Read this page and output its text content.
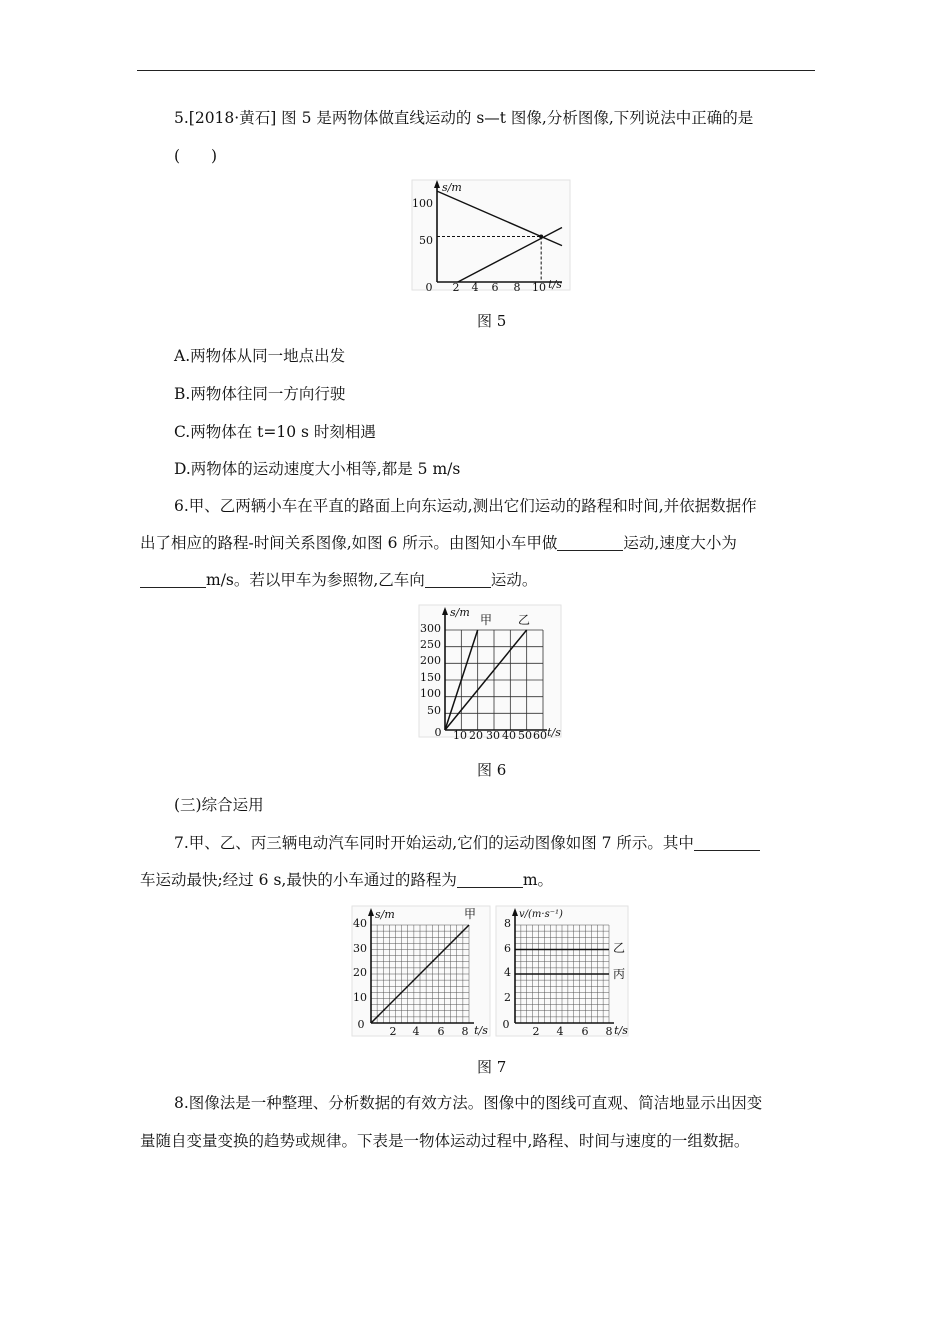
5.[2018·黄石] 图 5 是两物体做直线运动的 s—t 图像,分析图像,下列说法中正确的是
(　　)
s/m
t/s
0 2 4 6 8 10
50
100
图 5
A.两物体从同一地点出发
B.两物体往同一方向行驶
C.两物体在 t=10 s 时刻相遇
D.两物体的运动速度大小相等,都是 5 m/s
6.甲、乙两辆小车在平直的路面上向东运动,测出它们运动的路程和时间,并依据数据作
出了相应的路程-时间关系图像,如图 6 所示。由图知小车甲做	运动,速度大小为
m/s。若以甲车为参照物,乙车向	运动。
s/m
t/s
0 10 20 30 40 50 60
50
100
150
200
250
300
甲 乙
图 6
(三)综合运用
7.甲、乙、丙三辆电动汽车同时开始运动,它们的运动图像如图 7 所示。其中
车运动最快;经过 6 s,最快的小车通过的路程为	m。
s/m
t/s
0
2 4 6 8
10
20
30
40
甲	v/(m·s⁻¹)
t/s
0
2 4 6 8
2
4
6
8
乙
丙
图 7
8.图像法是一种整理、分析数据的有效方法。图像中的图线可直观、简洁地显示出因变
量随自变量变换的趋势或规律。下表是一物体运动过程中,路程、时间与速度的一组数据。
